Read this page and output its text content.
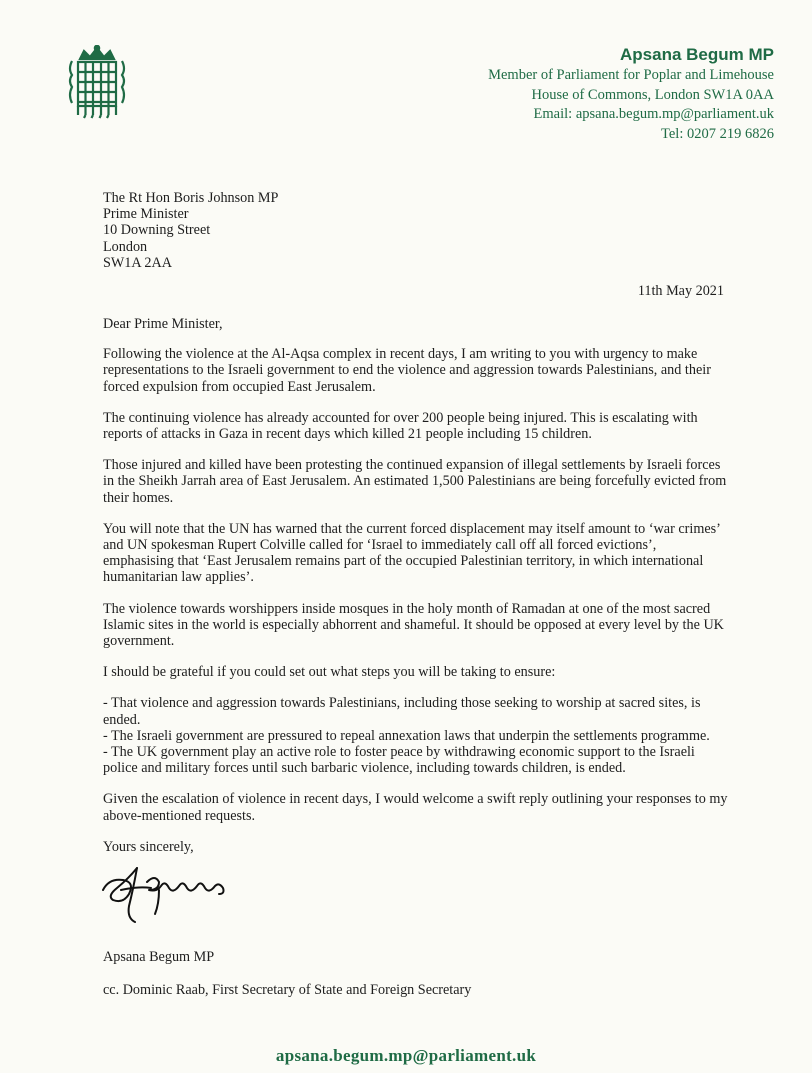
Apsana Begum MP
Member of Parliament for Poplar and Limehouse
House of Commons, London SW1A 0AA
Email: apsana.begum.mp@parliament.uk
Tel: 0207 219 6826
The Rt Hon Boris Johnson MP
Prime Minister
10 Downing Street
London
SW1A 2AA
11th May 2021

Dear Prime Minister,

Following the violence at the Al-Aqsa complex in recent days, I am writing to you with urgency to make representations to the Israeli government to end the violence and aggression towards Palestinians, and their forced expulsion from occupied East Jerusalem.

The continuing violence has already accounted for over 200 people being injured. This is escalating with reports of attacks in Gaza in recent days which killed 21 people including 15 children.

Those injured and killed have been protesting the continued expansion of illegal settlements by Israeli forces in the Sheikh Jarrah area of East Jerusalem. An estimated 1,500 Palestinians are being forcefully evicted from their homes.

You will note that the UN has warned that the current forced displacement may itself amount to ‘war crimes’ and UN spokesman Rupert Colville called for ‘Israel to immediately call off all forced evictions’, emphasising that ‘East Jerusalem remains part of the occupied Palestinian territory, in which international humanitarian law applies’.

The violence towards worshippers inside mosques in the holy month of Ramadan at one of the most sacred Islamic sites in the world is especially abhorrent and shameful. It should be opposed at every level by the UK government.

I should be grateful if you could set out what steps you will be taking to ensure:

- That violence and aggression towards Palestinians, including those seeking to worship at sacred sites, is ended.
- The Israeli government are pressured to repeal annexation laws that underpin the settlements programme.
- The UK government play an active role to foster peace by withdrawing economic support to the Israeli police and military forces until such barbaric violence, including towards children, is ended.

Given the escalation of violence in recent days, I would welcome a swift reply outlining your responses to my above-mentioned requests.

Yours sincerely,

Apsana Begum MP
cc. Dominic Raab, First Secretary of State and Foreign Secretary
apsana.begum.mp@parliament.uk
